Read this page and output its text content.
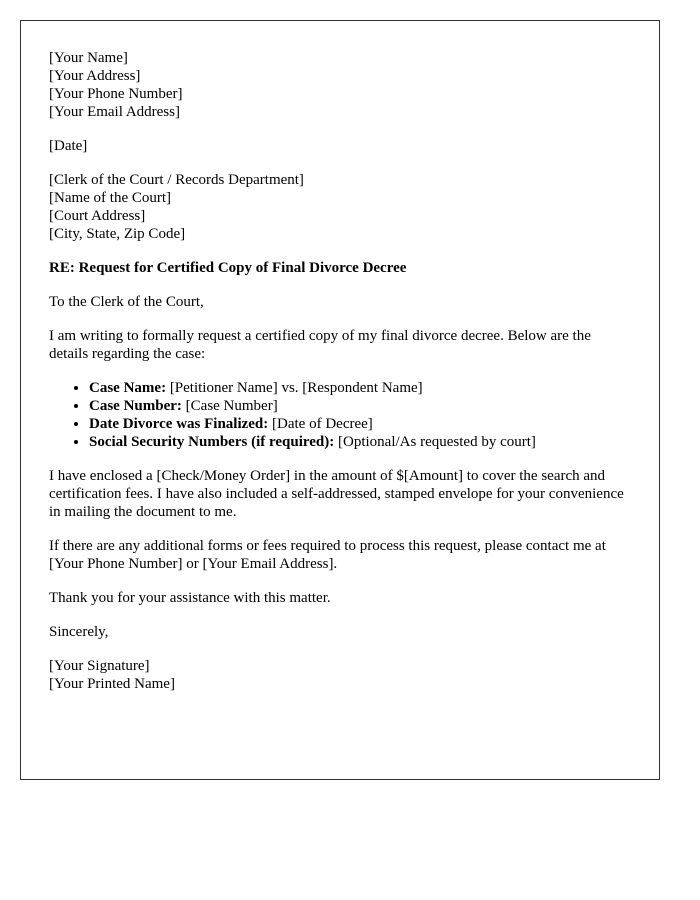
[Your Name]
[Your Address]
[Your Phone Number]
[Your Email Address]
[Date]
[Clerk of the Court / Records Department]
[Name of the Court]
[Court Address]
[City, State, Zip Code]

RE: Request for Certified Copy of Final Divorce Decree

To the Clerk of the Court,

I am writing to formally request a certified copy of my final divorce decree. Below are the details regarding the case:

• Case Name: [Petitioner Name] vs. [Respondent Name]
• Case Number: [Case Number]
• Date Divorce was Finalized: [Date of Decree]
• Social Security Numbers (if required): [Optional/As requested by court]

I have enclosed a [Check/Money Order] in the amount of $[Amount] to cover the search and certification fees. I have also included a self-addressed, stamped envelope for your convenience in mailing the document to me.

If there are any additional forms or fees required to process this request, please contact me at [Your Phone Number] or [Your Email Address].

Thank you for your assistance with this matter.

Sincerely,

[Your Signature]
[Your Printed Name]
